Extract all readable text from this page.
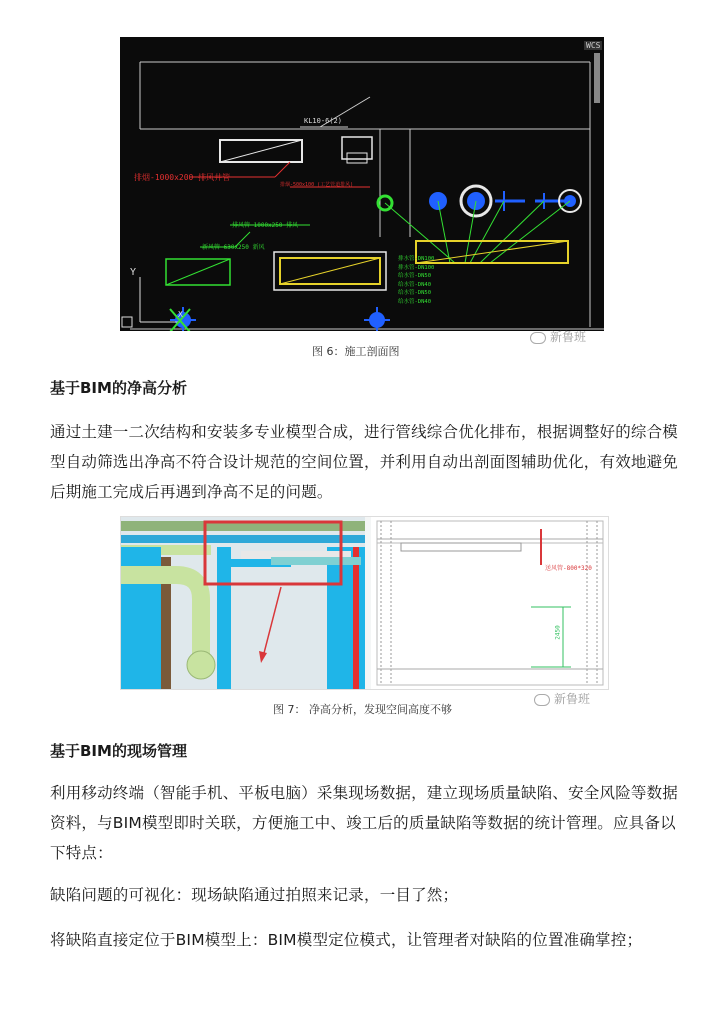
KL10-6(2)
排烟-1000x200 排风井管
排烟-500x100 (工艺管道排风)
排风管-1000x250 排风
新风管-630x250 新风
Y
X
WCS
排水管-DN100
排水管-DN100
给水管-DN50
给水管-DN40
给水管-DN50
给水管-DN40
图 6：施工剖面图
新鲁班
基于BIM的净高分析
通过土建一二次结构和安装多专业模型合成，进行管线综合优化排布，根据调整好的综合模
型自动筛选出净高不符合设计规范的空间位置，并利用自动出剖面图辅助优化，有效地避免
后期施工完成后再遇到净高不足的问题。
送风管-800*320
2450
图 7： 净高分析，发现空间高度不够
新鲁班
基于BIM的现场管理
利用移动终端（智能手机、平板电脑）采集现场数据，建立现场质量缺陷、安全风险等数据
资料，与BIM模型即时关联，方便施工中、竣工后的质量缺陷等数据的统计管理。应具备以
下特点：
缺陷问题的可视化：现场缺陷通过拍照来记录，一目了然；
将缺陷直接定位于BIM模型上：BIM模型定位模式，让管理者对缺陷的位置准确掌控；
